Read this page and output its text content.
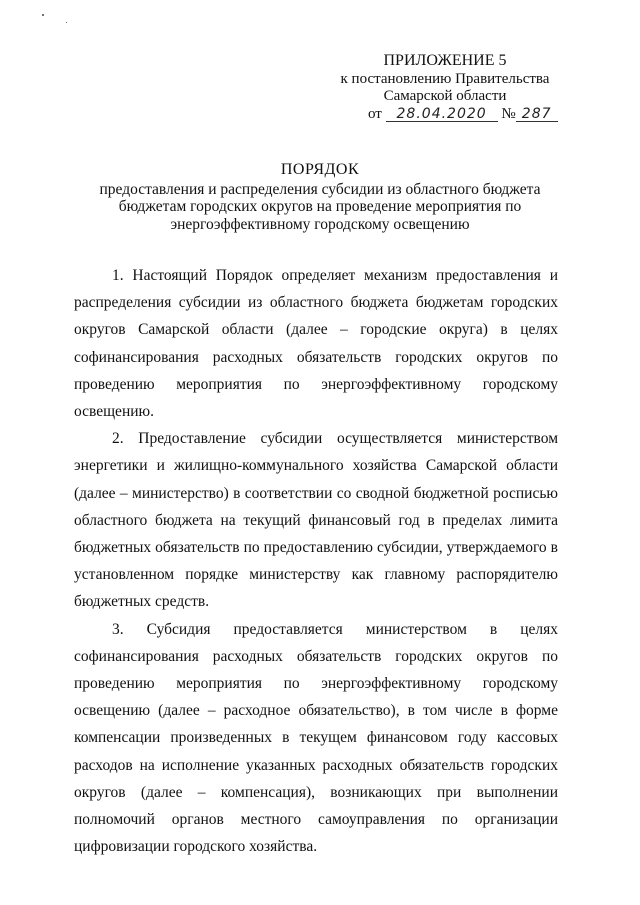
ПРИЛОЖЕНИЕ 5
к постановлению Правительства
Самарской области
от 28.04.2020 № 287
ПОРЯДОК
предоставления и распределения субсидии из областного бюджета
бюджетам городских округов на проведение мероприятия по
энергоэффективному городскому освещению

1. Настоящий Порядок определяет механизм предоставления и распределения субсидии из областного бюджета бюджетам городских округов Самарской области (далее – городские округа) в целях софинансирования расходных обязательств городских округов по проведению мероприятия по энергоэффективному городскому освещению.

2. Предоставление субсидии осуществляется министерством энергетики и жилищно-коммунального хозяйства Самарской области (далее – министерство) в соответствии со сводной бюджетной росписью областного бюджета на текущий финансовый год в пределах лимита бюджетных обязательств по предоставлению субсидии, утверждаемого в установленном порядке министерству как главному распорядителю бюджетных средств.

3. Субсидия предоставляется министерством в целях софинансирования расходных обязательств городских округов по проведению мероприятия по энергоэффективному городскому освещению (далее – расходное обязательство), в том числе в форме компенсации произведенных в текущем финансовом году кассовых расходов на исполнение указанных расходных обязательств городских округов (далее – компенсация), возникающих при выполнении полномочий органов местного самоуправления по организации цифровизации городского хозяйства.
